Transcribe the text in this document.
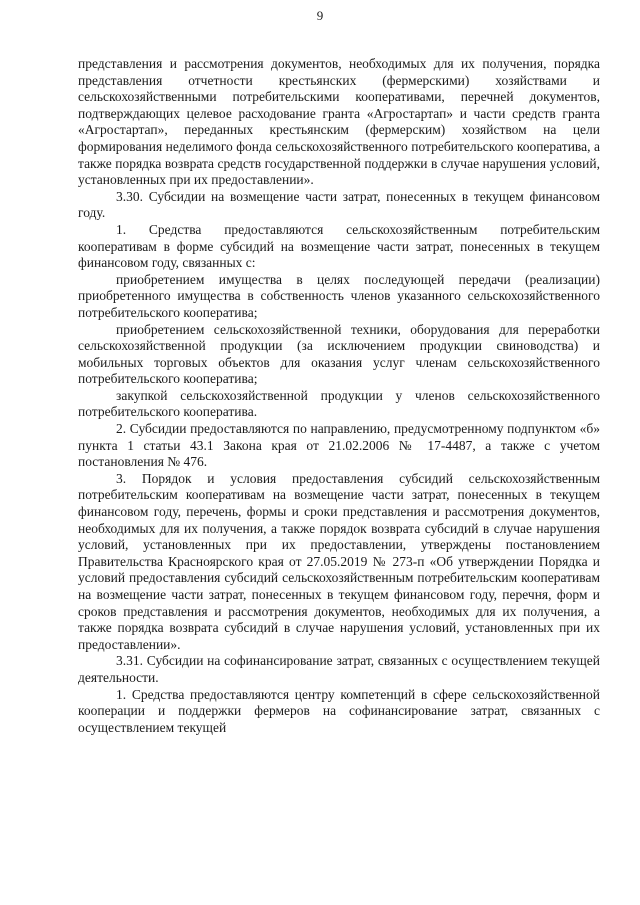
9

представления и рассмотрения документов, необходимых для их получения, порядка представления отчетности крестьянских (фермерскими) хозяйствами и сельскохозяйственными потребительскими кооперативами, перечней документов, подтверждающих целевое расходование гранта «Агростартап» и части средств гранта «Агростартап», переданных крестьянским (фермерским) хозяйством на цели формирования неделимого фонда сельскохозяйственного потребительского кооператива, а также порядка возврата средств государственной поддержки в случае нарушения условий, установленных при их предоставлении».

3.30. Субсидии на возмещение части затрат, понесенных в текущем финансовом году.

1. Средства предоставляются сельскохозяйственным потребительским кооперативам в форме субсидий на возмещение части затрат, понесенных в текущем финансовом году, связанных с:

приобретением имущества в целях последующей передачи (реализации) приобретенного имущества в собственность членов указанного сельскохозяйственного потребительского кооператива;

приобретением сельскохозяйственной техники, оборудования для переработки сельскохозяйственной продукции (за исключением продукции свиноводства) и мобильных торговых объектов для оказания услуг членам сельскохозяйственного потребительского кооператива;

закупкой сельскохозяйственной продукции у членов сельскохозяйственного потребительского кооператива.

2. Субсидии предоставляются по направлению, предусмотренному подпунктом «б» пункта 1 статьи 43.1 Закона края от 21.02.2006 № 17-4487, а также с учетом постановления № 476.

3. Порядок и условия предоставления субсидий сельскохозяйственным потребительским кооперативам на возмещение части затрат, понесенных в текущем финансовом году, перечень, формы и сроки представления и рассмотрения документов, необходимых для их получения, а также порядок возврата субсидий в случае нарушения условий, установленных при их предоставлении, утверждены постановлением Правительства Красноярского края от 27.05.2019 № 273-п «Об утверждении Порядка и условий предоставления субсидий сельскохозяйственным потребительским кооперативам на возмещение части затрат, понесенных в текущем финансовом году, перечня, форм и сроков представления и рассмотрения документов, необходимых для их получения, а также порядка возврата субсидий в случае нарушения условий, установленных при их предоставлении».

3.31. Субсидии на софинансирование затрат, связанных с осуществлением текущей деятельности.

1. Средства предоставляются центру компетенций в сфере сельскохозяйственной кооперации и поддержки фермеров на софинансирование затрат, связанных с осуществлением текущей
